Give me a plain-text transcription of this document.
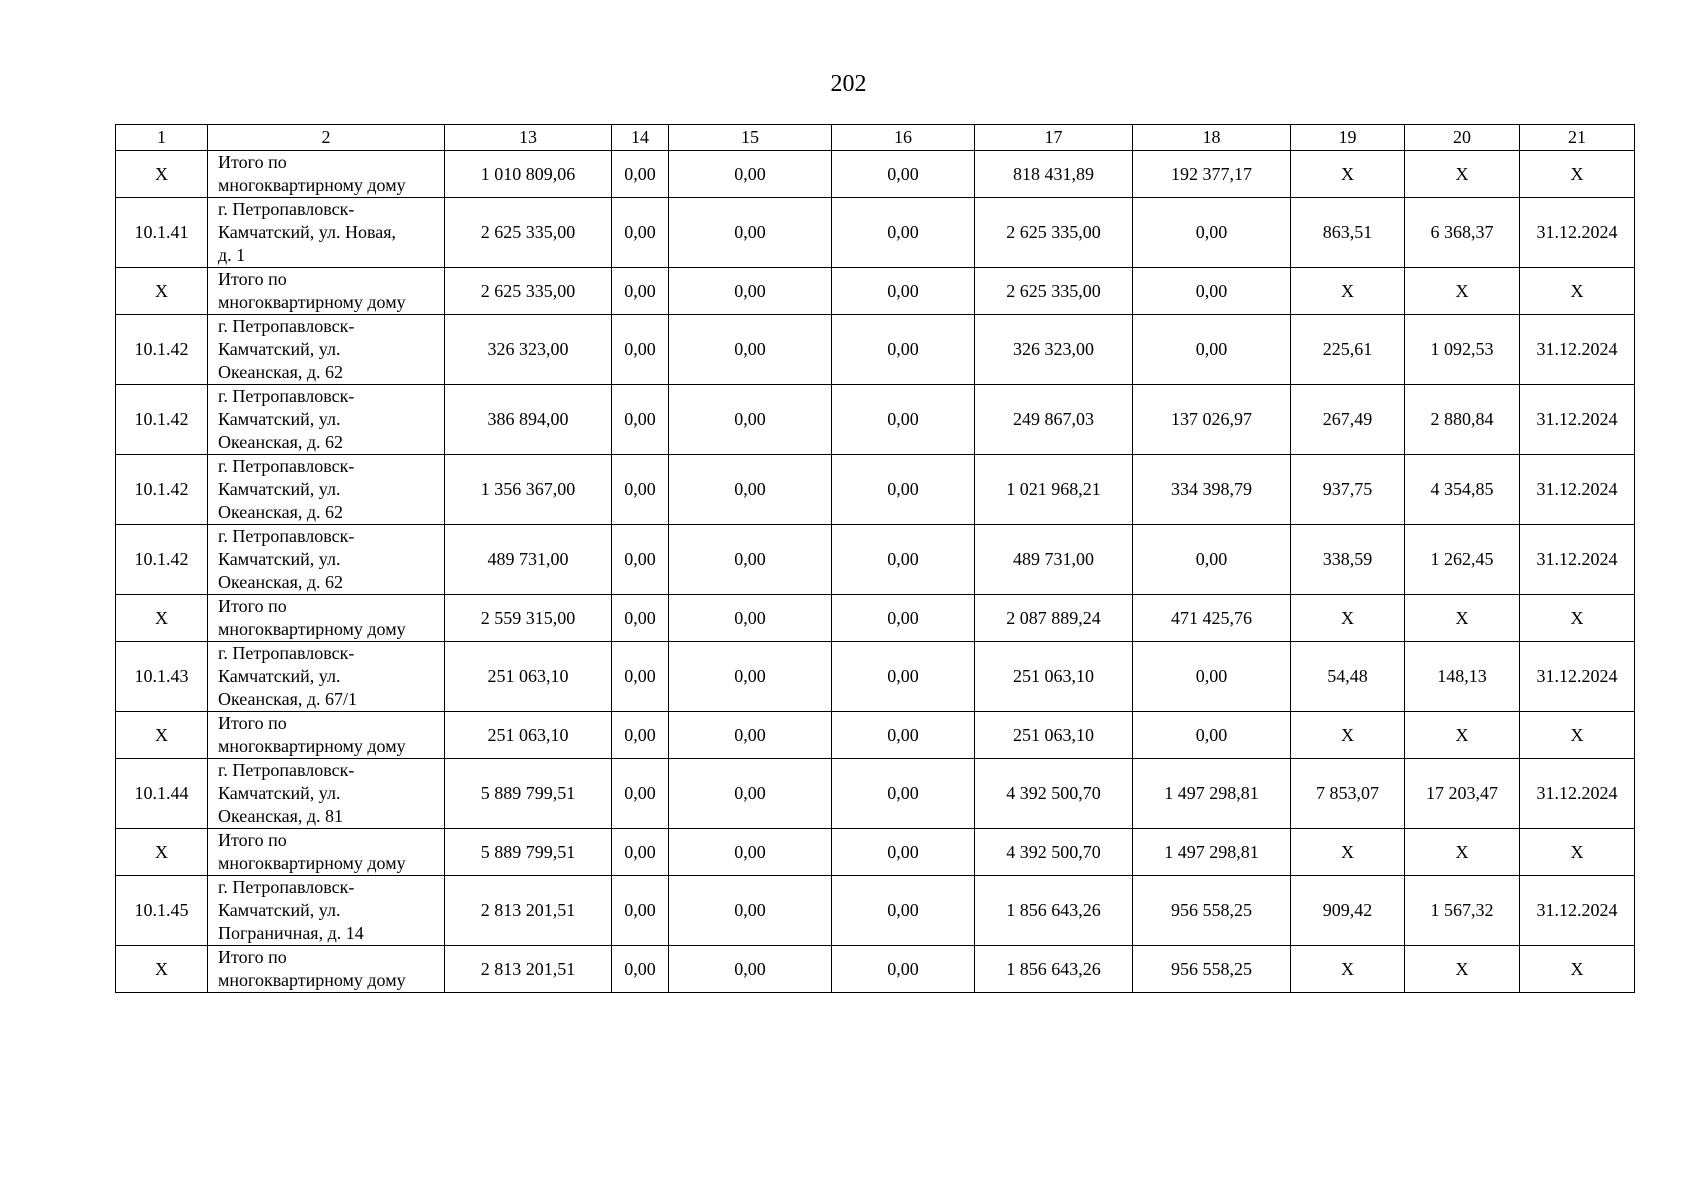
202
1	2	13	14	15	16	17	18	19	20	21
X	Итого по
многоквартирному дому	1 010 809,06	0,00	0,00	0,00	818 431,89	192 377,17	X	X	X
10.1.41	г. Петропавловск-
Камчатский, ул. Новая,
д. 1	2 625 335,00	0,00	0,00	0,00	2 625 335,00	0,00	863,51	6 368,37	31.12.2024
X	Итого по
многоквартирному дому	2 625 335,00	0,00	0,00	0,00	2 625 335,00	0,00	X	X	X
10.1.42	г. Петропавловск-
Камчатский, ул.
Океанская, д. 62	326 323,00	0,00	0,00	0,00	326 323,00	0,00	225,61	1 092,53	31.12.2024
10.1.42	г. Петропавловск-
Камчатский, ул.
Океанская, д. 62	386 894,00	0,00	0,00	0,00	249 867,03	137 026,97	267,49	2 880,84	31.12.2024
10.1.42	г. Петропавловск-
Камчатский, ул.
Океанская, д. 62	1 356 367,00	0,00	0,00	0,00	1 021 968,21	334 398,79	937,75	4 354,85	31.12.2024
10.1.42	г. Петропавловск-
Камчатский, ул.
Океанская, д. 62	489 731,00	0,00	0,00	0,00	489 731,00	0,00	338,59	1 262,45	31.12.2024
X	Итого по
многоквартирному дому	2 559 315,00	0,00	0,00	0,00	2 087 889,24	471 425,76	X	X	X
10.1.43	г. Петропавловск-
Камчатский, ул.
Океанская, д. 67/1	251 063,10	0,00	0,00	0,00	251 063,10	0,00	54,48	148,13	31.12.2024
X	Итого по
многоквартирному дому	251 063,10	0,00	0,00	0,00	251 063,10	0,00	X	X	X
10.1.44	г. Петропавловск-
Камчатский, ул.
Океанская, д. 81	5 889 799,51	0,00	0,00	0,00	4 392 500,70	1 497 298,81	7 853,07	17 203,47	31.12.2024
X	Итого по
многоквартирному дому	5 889 799,51	0,00	0,00	0,00	4 392 500,70	1 497 298,81	X	X	X
10.1.45	г. Петропавловск-
Камчатский, ул.
Пограничная, д. 14	2 813 201,51	0,00	0,00	0,00	1 856 643,26	956 558,25	909,42	1 567,32	31.12.2024
X	Итого по
многоквартирному дому	2 813 201,51	0,00	0,00	0,00	1 856 643,26	956 558,25	X	X	X
